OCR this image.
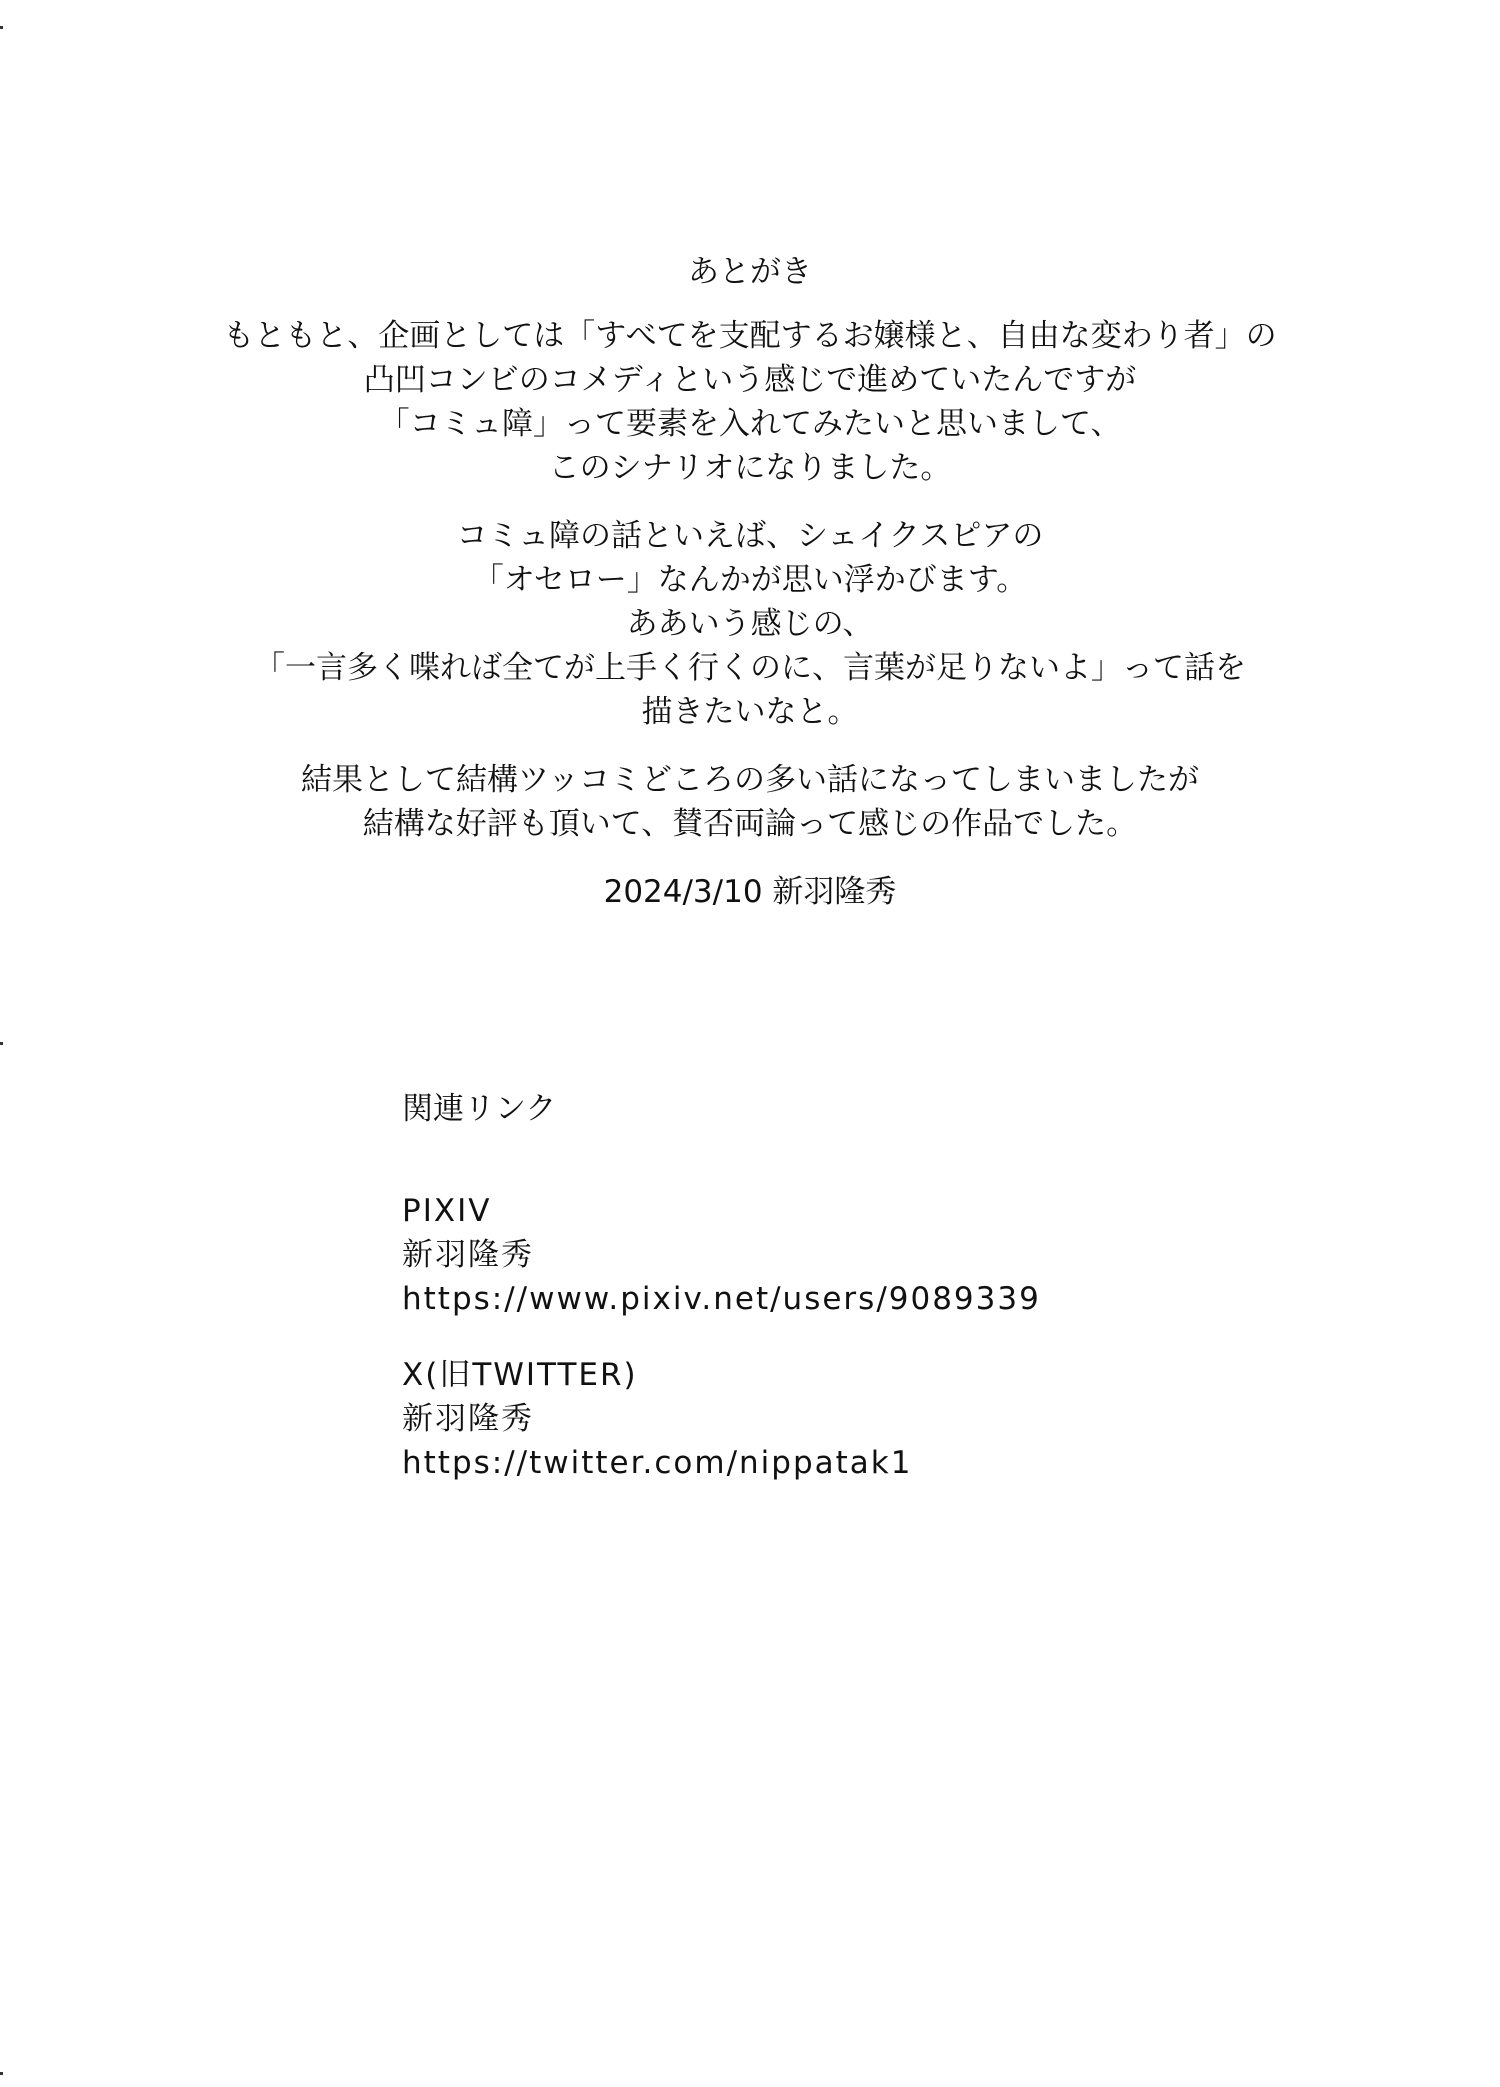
あとがき
もともと、企画としては「すべてを支配するお嬢様と、自由な変わり者」の
凸凹コンビのコメディという感じで進めていたんですが
「コミュ障」って要素を入れてみたいと思いまして、
このシナリオになりました。
コミュ障の話といえば、シェイクスピアの
「オセロー」なんかが思い浮かびます。
ああいう感じの、
「一言多く喋れば全てが上手く行くのに、言葉が足りないよ」って話を
描きたいなと。
結果として結構ツッコミどころの多い話になってしまいましたが
結構な好評も頂いて、賛否両論って感じの作品でした。
2024/3/10 新羽隆秀
関連リンク
PIXIV
新羽隆秀
https://www.pixiv.net/users/9089339
X(旧TWITTER)
新羽隆秀
https://twitter.com/nippatak1
